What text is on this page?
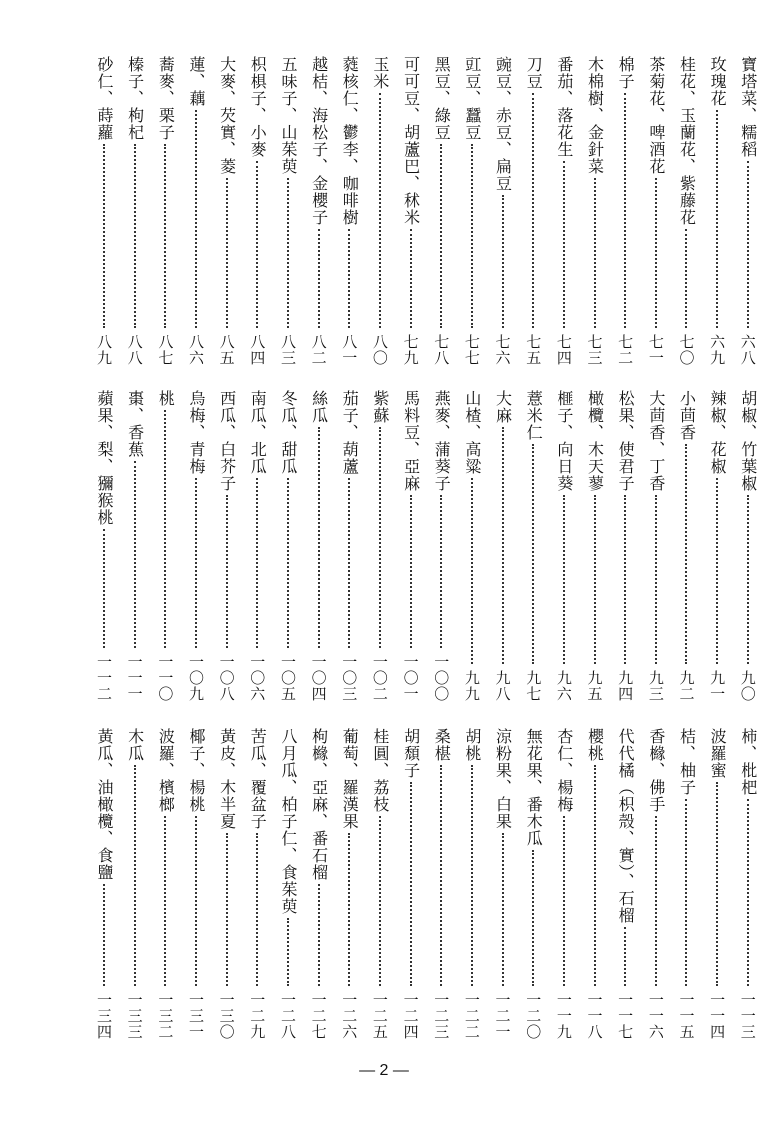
寶塔菜、糯稻
六八
玫瑰花
六九
桂花、玉蘭花、紫藤花
七〇
茶菊花、啤酒花
七一
棉子
七二
木棉樹、金針菜
七三
番茄、落花生
七四
刀豆
七五
豌豆、赤豆、扁豆
七六
豇豆、蠶豆
七七
黑豆、綠豆
七八
可可豆、胡蘆巴、秫米
七九
玉米
八〇
蕤核仁、鬱李、咖啡樹
八一
越桔、海松子、金櫻子
八二
五味子、山茱萸
八三
枳椇子、小麥
八四
大麥、芡實、菱
八五
蓮、藕
八六
蕎麥、栗子
八七
榛子、枸杞
八八
砂仁、蒔蘿
八九
胡椒、竹葉椒
九〇
辣椒、花椒
九一
小茴香
九二
大茴香、丁香
九三
松果、使君子
九四
橄欖、木天蓼
九五
榧子、向日葵
九六
薏米仁
九七
大麻
九八
山楂、高粱
九九
燕麥、蒲葵子
一〇〇
馬料豆、亞麻
一〇一
紫蘇
一〇二
茄子、葫蘆
一〇三
絲瓜
一〇四
冬瓜、甜瓜
一〇五
南瓜、北瓜
一〇六
西瓜、白芥子
一〇八
烏梅、青梅
一〇九
桃
一一〇
棗、香蕉
一一一
蘋果、梨、獼猴桃
一一二
柿、枇杷
一一三
波羅蜜
一一四
桔、柚子
一一五
香櫞、佛手
一一六
代代橘（枳殼、實）、石榴
一一七
櫻桃
一一八
杏仁、楊梅
一一九
無花果、番木瓜
一二〇
涼粉果、白果
一二一
胡桃
一二二
桑椹
一二三
胡頹子
一二四
桂圓、荔枝
一二五
葡萄、羅漢果
一二六
枸櫞、亞麻、番石榴
一二七
八月瓜、柏子仁、食茱萸
一二八
苦瓜、覆盆子
一二九
黃皮、木半夏
一三〇
椰子、楊桃
一三一
波羅、檳榔
一三二
木瓜
一三三
黃瓜、油橄欖、食鹽
一三四
— 2 —
